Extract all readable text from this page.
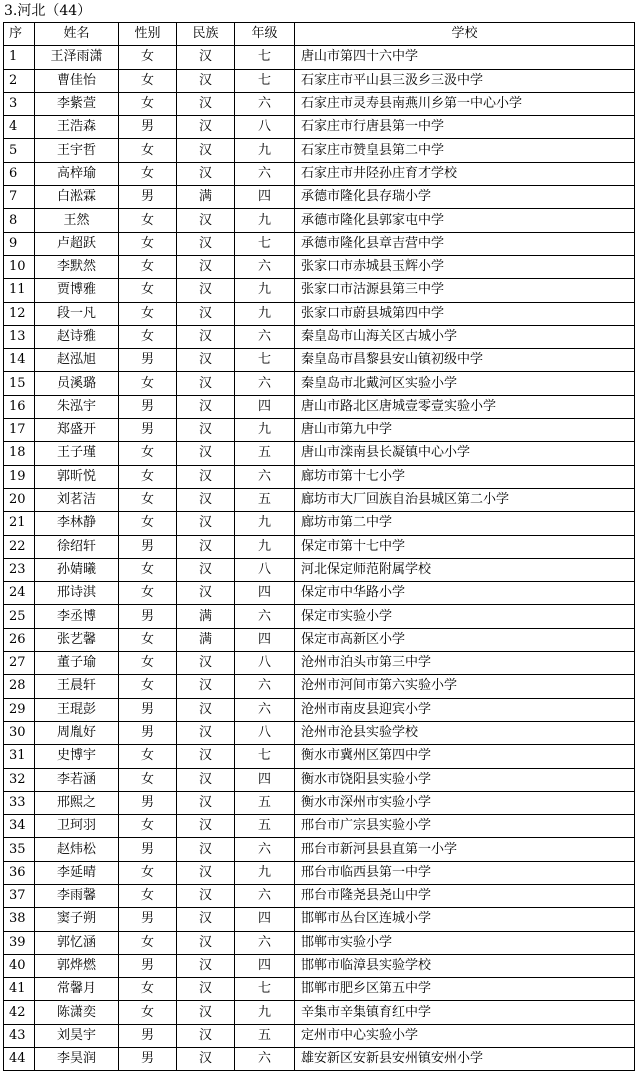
3.河北（44）
序	姓名	性别	民族	年级	学校
1	王泽雨潇	女	汉	七	唐山市第四十六中学
2	曹佳怡	女	汉	七	石家庄市平山县三汲乡三汲中学
3	李紫萱	女	汉	六	石家庄市灵寿县南燕川乡第一中心小学
4	王浩森	男	汉	八	石家庄市行唐县第一中学
5	王宇哲	女	汉	九	石家庄市赞皇县第二中学
6	高梓瑜	女	汉	六	石家庄市井陉孙庄育才学校
7	白淞霖	男	满	四	承德市隆化县存瑞小学
8	王然	女	汉	九	承德市隆化县郭家屯中学
9	卢超跃	女	汉	七	承德市隆化县章吉营中学
10	李默然	女	汉	六	张家口市赤城县玉辉小学
11	贾博雅	女	汉	九	张家口市沽源县第三中学
12	段一凡	女	汉	九	张家口市蔚县城第四中学
13	赵诗雅	女	汉	六	秦皇岛市山海关区古城小学
14	赵泓旭	男	汉	七	秦皇岛市昌黎县安山镇初级中学
15	员溪璐	女	汉	六	秦皇岛市北戴河区实验小学
16	朱泓宇	男	汉	四	唐山市路北区唐城壹零壹实验小学
17	郑盛开	男	汉	九	唐山市第九中学
18	王子瑾	女	汉	五	唐山市滦南县长凝镇中心小学
19	郭昕悦	女	汉	六	廊坊市第十七小学
20	刘茗洁	女	汉	五	廊坊市大厂回族自治县城区第二小学
21	李林静	女	汉	九	廊坊市第二中学
22	徐绍轩	男	汉	九	保定市第十七中学
23	孙婧曦	女	汉	八	河北保定师范附属学校
24	邢诗淇	女	汉	四	保定市中华路小学
25	李丞博	男	满	六	保定市实验小学
26	张艺馨	女	满	四	保定市高新区小学
27	董子瑜	女	汉	八	沧州市泊头市第三中学
28	王晨轩	女	汉	六	沧州市河间市第六实验小学
29	王琨彭	男	汉	六	沧州市南皮县迎宾小学
30	周胤好	男	汉	八	沧州市沧县实验学校
31	史博宇	女	汉	七	衡水市冀州区第四中学
32	李若涵	女	汉	四	衡水市饶阳县实验小学
33	邢熙之	男	汉	五	衡水市深州市实验小学
34	卫珂羽	女	汉	五	邢台市广宗县实验小学
35	赵炜松	男	汉	六	邢台市新河县县直第一小学
36	李延晴	女	汉	九	邢台市临西县第一中学
37	李雨馨	女	汉	六	邢台市隆尧县尧山中学
38	窦子朔	男	汉	四	邯郸市丛台区连城小学
39	郭忆涵	女	汉	六	邯郸市实验小学
40	郭烨燃	男	汉	四	邯郸市临漳县实验学校
41	常馨月	女	汉	七	邯郸市肥乡区第五中学
42	陈潇奕	女	汉	九	辛集市辛集镇育红中学
43	刘昊宇	男	汉	五	定州市中心实验小学
44	李昊润	男	汉	六	雄安新区安新县安州镇安州小学
